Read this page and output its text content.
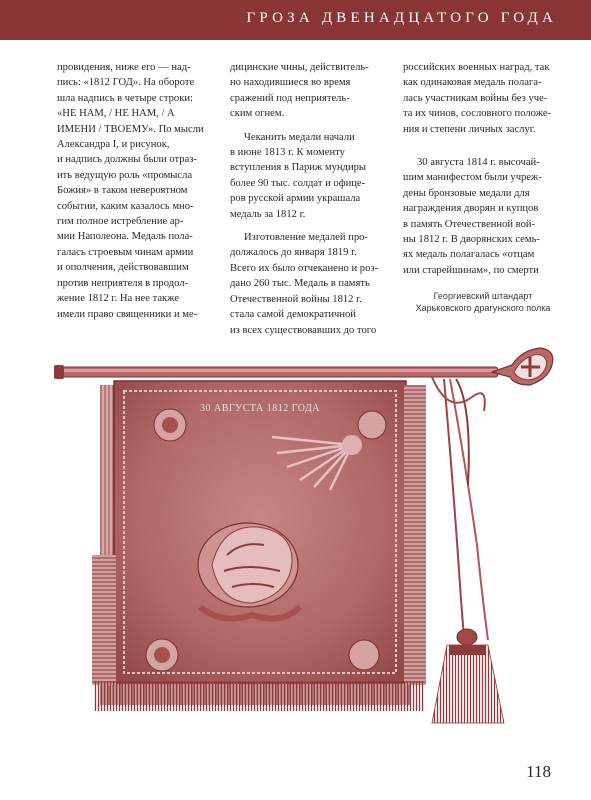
ГРОЗА ДВЕНАДЦАТОГО ГОДА

провидения, ниже его — над-
пись: «1812 ГОД». На обороте
шла надпись в четыре строки:
«НЕ НАМ, / НЕ НАМ, / А
ИМЕНИ / ТВОЕМУ». По мысли
Александра I, и рисунок,
и надпись должны были отраз-
ить ведущую роль «промысла
Божия» в таком невероятном
событии, каким казалось мно-
гим полное истребление ар-
мии Наполеона. Медаль пола-
галась строевым чинам армии
и ополчения, действовавшим
против неприятеля в продол-
жение 1812 г. На нее также
имели право священники и ме-

дицинские чины, действитель-
но находившиеся во время
сражений под неприятель-
ским огнем.

Чеканить медали начали
в июне 1813 г. К моменту
вступления в Париж мундиры
более 90 тыс. солдат и офице-
ров русской армии украшала
медаль за 1812 г.

Изготовление медалей про-
должалось до января 1819 г.
Всего их было отчеканено и роз-
дано 260 тыс. Медаль в память
Отечественной войны 1812 г.
стала самой демократичной
из всех существовавших до того

российских военных наград, так
как одинаковая медаль полагa-
лась участникам войны без уче-
та их чинов, сословного положе-
ния и степени личных заслуг.

30 августа 1814 г. высочай-
шим манифестом были учреж-
дены бронзовые медали для
награждения дворян и купцов
в память Отечественной вой-
ны 1812 г. В дворянских семь-
ях медаль полагалась «отцам
или старейшинам», по смерти

Георгиевский штандарт
Харьковского драгунского полка
30 АВГУСТА 1812 ГОДА
118
